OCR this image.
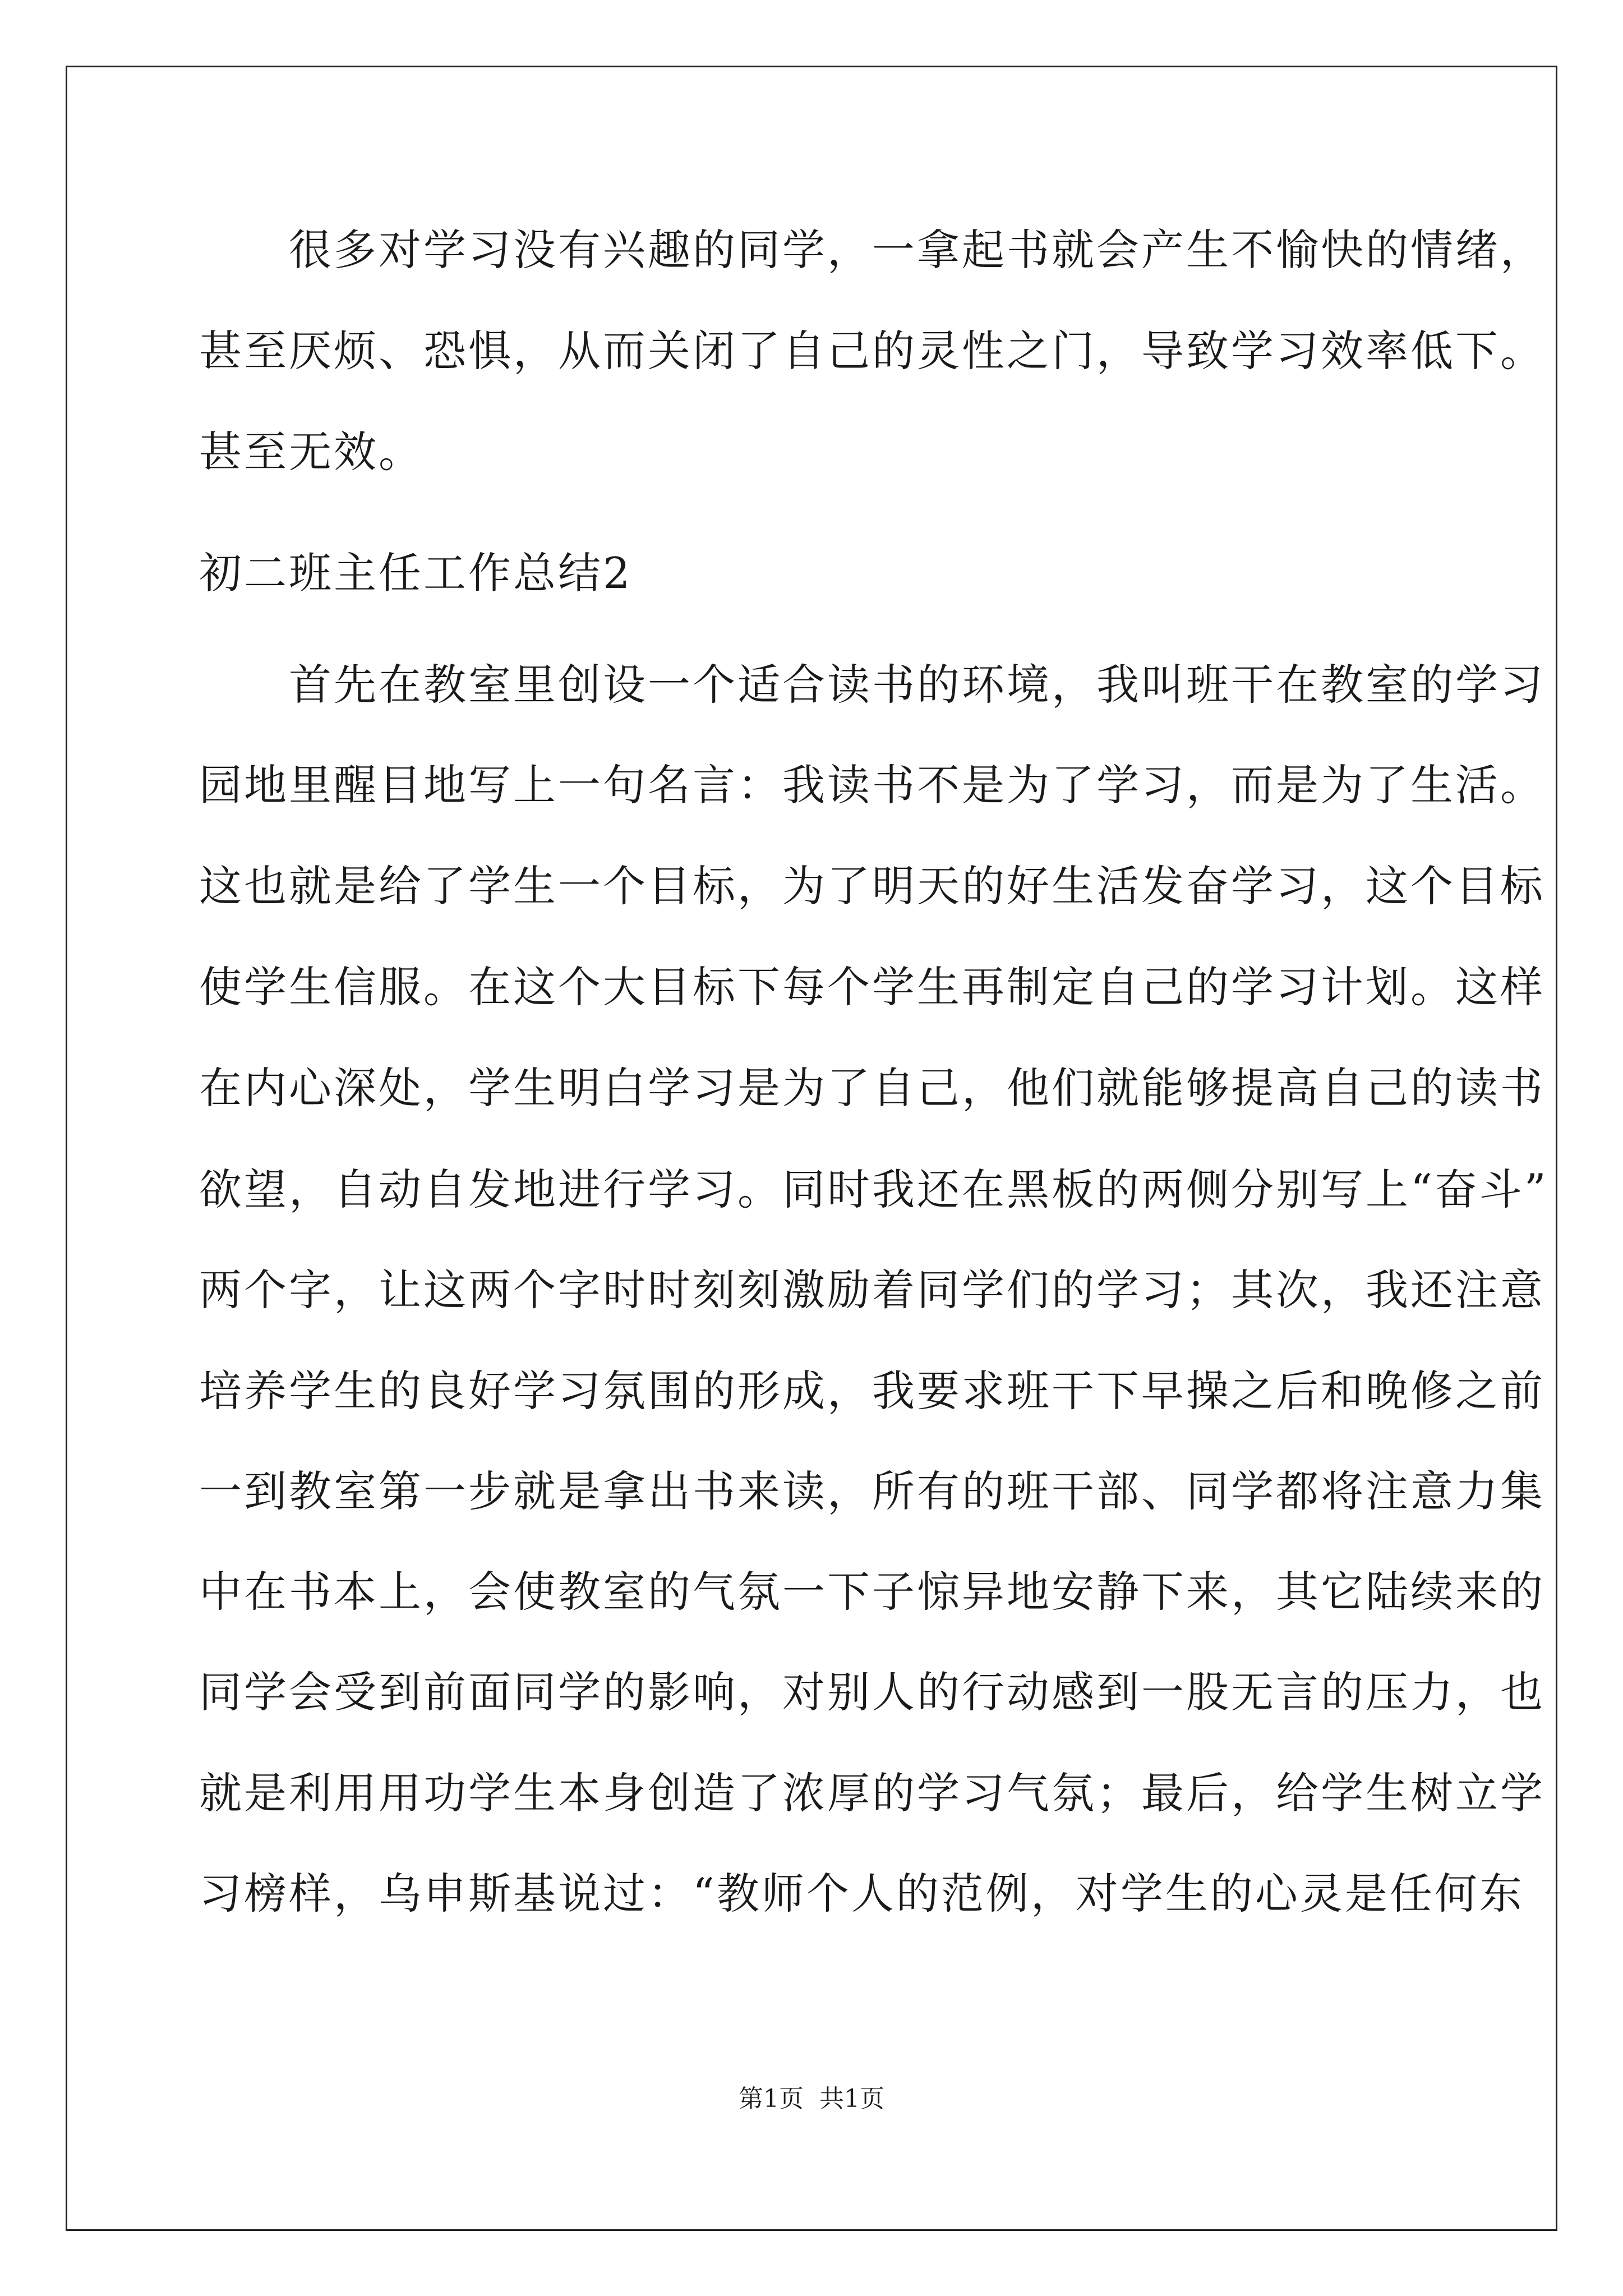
　　很多对学习没有兴趣的同学，一拿起书就会产生不愉快的情绪，
甚至厌烦、恐惧，从而关闭了自己的灵性之门，导致学习效率低下。
甚至无效。
初二班主任工作总结2
　　首先在教室里创设一个适合读书的环境，我叫班干在教室的学习
园地里醒目地写上一句名言：我读书不是为了学习，而是为了生活。
这也就是给了学生一个目标，为了明天的好生活发奋学习，这个目标
使学生信服。在这个大目标下每个学生再制定自己的学习计划。这样
在内心深处，学生明白学习是为了自己，他们就能够提高自己的读书
欲望，自动自发地进行学习。同时我还在黑板的两侧分别写上“奋斗”
两个字，让这两个字时时刻刻激励着同学们的学习；其次，我还注意
培养学生的良好学习氛围的形成，我要求班干下早操之后和晚修之前
一到教室第一步就是拿出书来读，所有的班干部、同学都将注意力集
中在书本上，会使教室的气氛一下子惊异地安静下来，其它陆续来的
同学会受到前面同学的影响，对别人的行动感到一股无言的压力，也
就是利用用功学生本身创造了浓厚的学习气氛；最后，给学生树立学
习榜样，乌申斯基说过：“教师个人的范例，对学生的心灵是任何东
第1页 共1页
